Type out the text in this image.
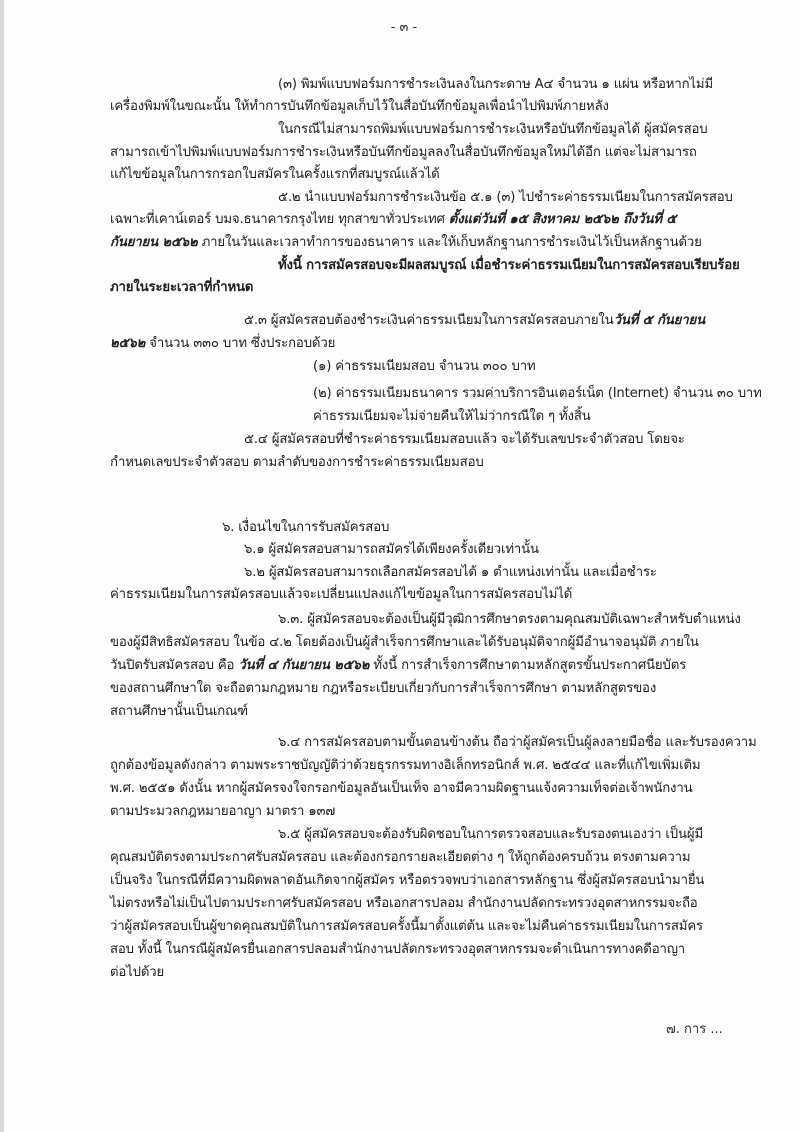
- ๓ -
(๓) พิมพ์แบบฟอร์มการชำระเงินลงในกระดาษ A๔ จำนวน ๑ แผ่น หรือหากไม่มี
เครื่องพิมพ์ในขณะนั้น ให้ทำการบันทึกข้อมูลเก็บไว้ในสื่อบันทึกข้อมูลเพื่อนำไปพิมพ์ภายหลัง
ในกรณีไม่สามารถพิมพ์แบบฟอร์มการชำระเงินหรือบันทึกข้อมูลได้ ผู้สมัครสอบ
สามารถเข้าไปพิมพ์แบบฟอร์มการชำระเงินหรือบันทึกข้อมูลลงในสื่อบันทึกข้อมูลใหม่ได้อีก แต่จะไม่สามารถ
แก้ไขข้อมูลในการกรอกใบสมัครในครั้งแรกที่สมบูรณ์แล้วได้
๕.๒ นำแบบฟอร์มการชำระเงินข้อ ๕.๑ (๓) ไปชำระค่าธรรมเนียมในการสมัครสอบ
เฉพาะที่เคาน์เตอร์ บมจ.ธนาคารกรุงไทย ทุกสาขาทั่วประเทศ ตั้งแต่วันที่ ๑๕ สิงหาคม ๒๕๖๒ ถึงวันที่ ๕
กันยายน ๒๕๖๒ ภายในวันและเวลาทำการของธนาคาร และให้เก็บหลักฐานการชำระเงินไว้เป็นหลักฐานด้วย
ทั้งนี้ การสมัครสอบจะมีผลสมบูรณ์ เมื่อชำระค่าธรรมเนียมในการสมัครสอบเรียบร้อย
ภายในระยะเวลาที่กำหนด
๕.๓ ผู้สมัครสอบต้องชำระเงินค่าธรรมเนียมในการสมัครสอบภายในวันที่ ๕ กันยายน
๒๕๖๒ จำนวน ๓๓๐ บาท ซึ่งประกอบด้วย
(๑) ค่าธรรมเนียมสอบ จำนวน ๓๐๐ บาท
(๒) ค่าธรรมเนียมธนาคาร รวมค่าบริการอินเตอร์เน็ต (Internet) จำนวน ๓๐ บาท
ค่าธรรมเนียมจะไม่จ่ายคืนให้ไม่ว่ากรณีใด ๆ ทั้งสิ้น
๕.๔ ผู้สมัครสอบที่ชำระค่าธรรมเนียมสอบแล้ว จะได้รับเลขประจำตัวสอบ โดยจะ
กำหนดเลขประจำตัวสอบ ตามลำดับของการชำระค่าธรรมเนียมสอบ
๖. เงื่อนไขในการรับสมัครสอบ
๖.๑ ผู้สมัครสอบสามารถสมัครได้เพียงครั้งเดียวเท่านั้น
๖.๒ ผู้สมัครสอบสามารถเลือกสมัครสอบได้ ๑ ตำแหน่งเท่านั้น และเมื่อชำระ
ค่าธรรมเนียมในการสมัครสอบแล้วจะเปลี่ยนแปลงแก้ไขข้อมูลในการสมัครสอบไม่ได้
๖.๓. ผู้สมัครสอบจะต้องเป็นผู้มีวุฒิการศึกษาตรงตามคุณสมบัติเฉพาะสำหรับตำแหน่ง
ของผู้มีสิทธิสมัครสอบ ในข้อ ๔.๒ โดยต้องเป็นผู้สำเร็จการศึกษาและได้รับอนุมัติจากผู้มีอำนาจอนุมัติ ภายใน
วันปิดรับสมัครสอบ คือ วันที่ ๔ กันยายน ๒๕๖๒ ทั้งนี้ การสำเร็จการศึกษาตามหลักสูตรขั้นประกาศนียบัตร
ของสถานศึกษาใด จะถือตามกฎหมาย กฎหรือระเบียบเกี่ยวกับการสำเร็จการศึกษา ตามหลักสูตรของ
สถานศึกษานั้นเป็นเกณฑ์
๖.๔ การสมัครสอบตามขั้นตอนข้างต้น ถือว่าผู้สมัครเป็นผู้ลงลายมือชื่อ และรับรองความ
ถูกต้องข้อมูลดังกล่าว ตามพระราชบัญญัติว่าด้วยธุรกรรมทางอิเล็กทรอนิกส์ พ.ศ. ๒๕๔๔ และที่แก้ไขเพิ่มเติม
พ.ศ. ๒๕๕๑ ดังนั้น หากผู้สมัครจงใจกรอกข้อมูลอันเป็นเท็จ อาจมีความผิดฐานแจ้งความเท็จต่อเจ้าพนักงาน
ตามประมวลกฎหมายอาญา มาตรา ๑๓๗
๖.๕ ผู้สมัครสอบจะต้องรับผิดชอบในการตรวจสอบและรับรองตนเองว่า เป็นผู้มี
คุณสมบัติตรงตามประกาศรับสมัครสอบ และต้องกรอกรายละเอียดต่าง ๆ ให้ถูกต้องครบถ้วน ตรงตามความ
เป็นจริง ในกรณีที่มีความผิดพลาดอันเกิดจากผู้สมัคร หรือตรวจพบว่าเอกสารหลักฐาน ซึ่งผู้สมัครสอบนำมายื่น
ไม่ตรงหรือไม่เป็นไปตามประกาศรับสมัครสอบ หรือเอกสารปลอม สำนักงานปลัดกระทรวงอุตสาหกรรมจะถือ
ว่าผู้สมัครสอบเป็นผู้ขาดคุณสมบัติในการสมัครสอบครั้งนี้มาตั้งแต่ต้น และจะไม่คืนค่าธรรมเนียมในการสมัคร
สอบ ทั้งนี้ ในกรณีผู้สมัครยื่นเอกสารปลอมสำนักงานปลัดกระทรวงอุตสาหกรรมจะดำเนินการทางคดีอาญา
ต่อไปด้วย
๗. การ ...
